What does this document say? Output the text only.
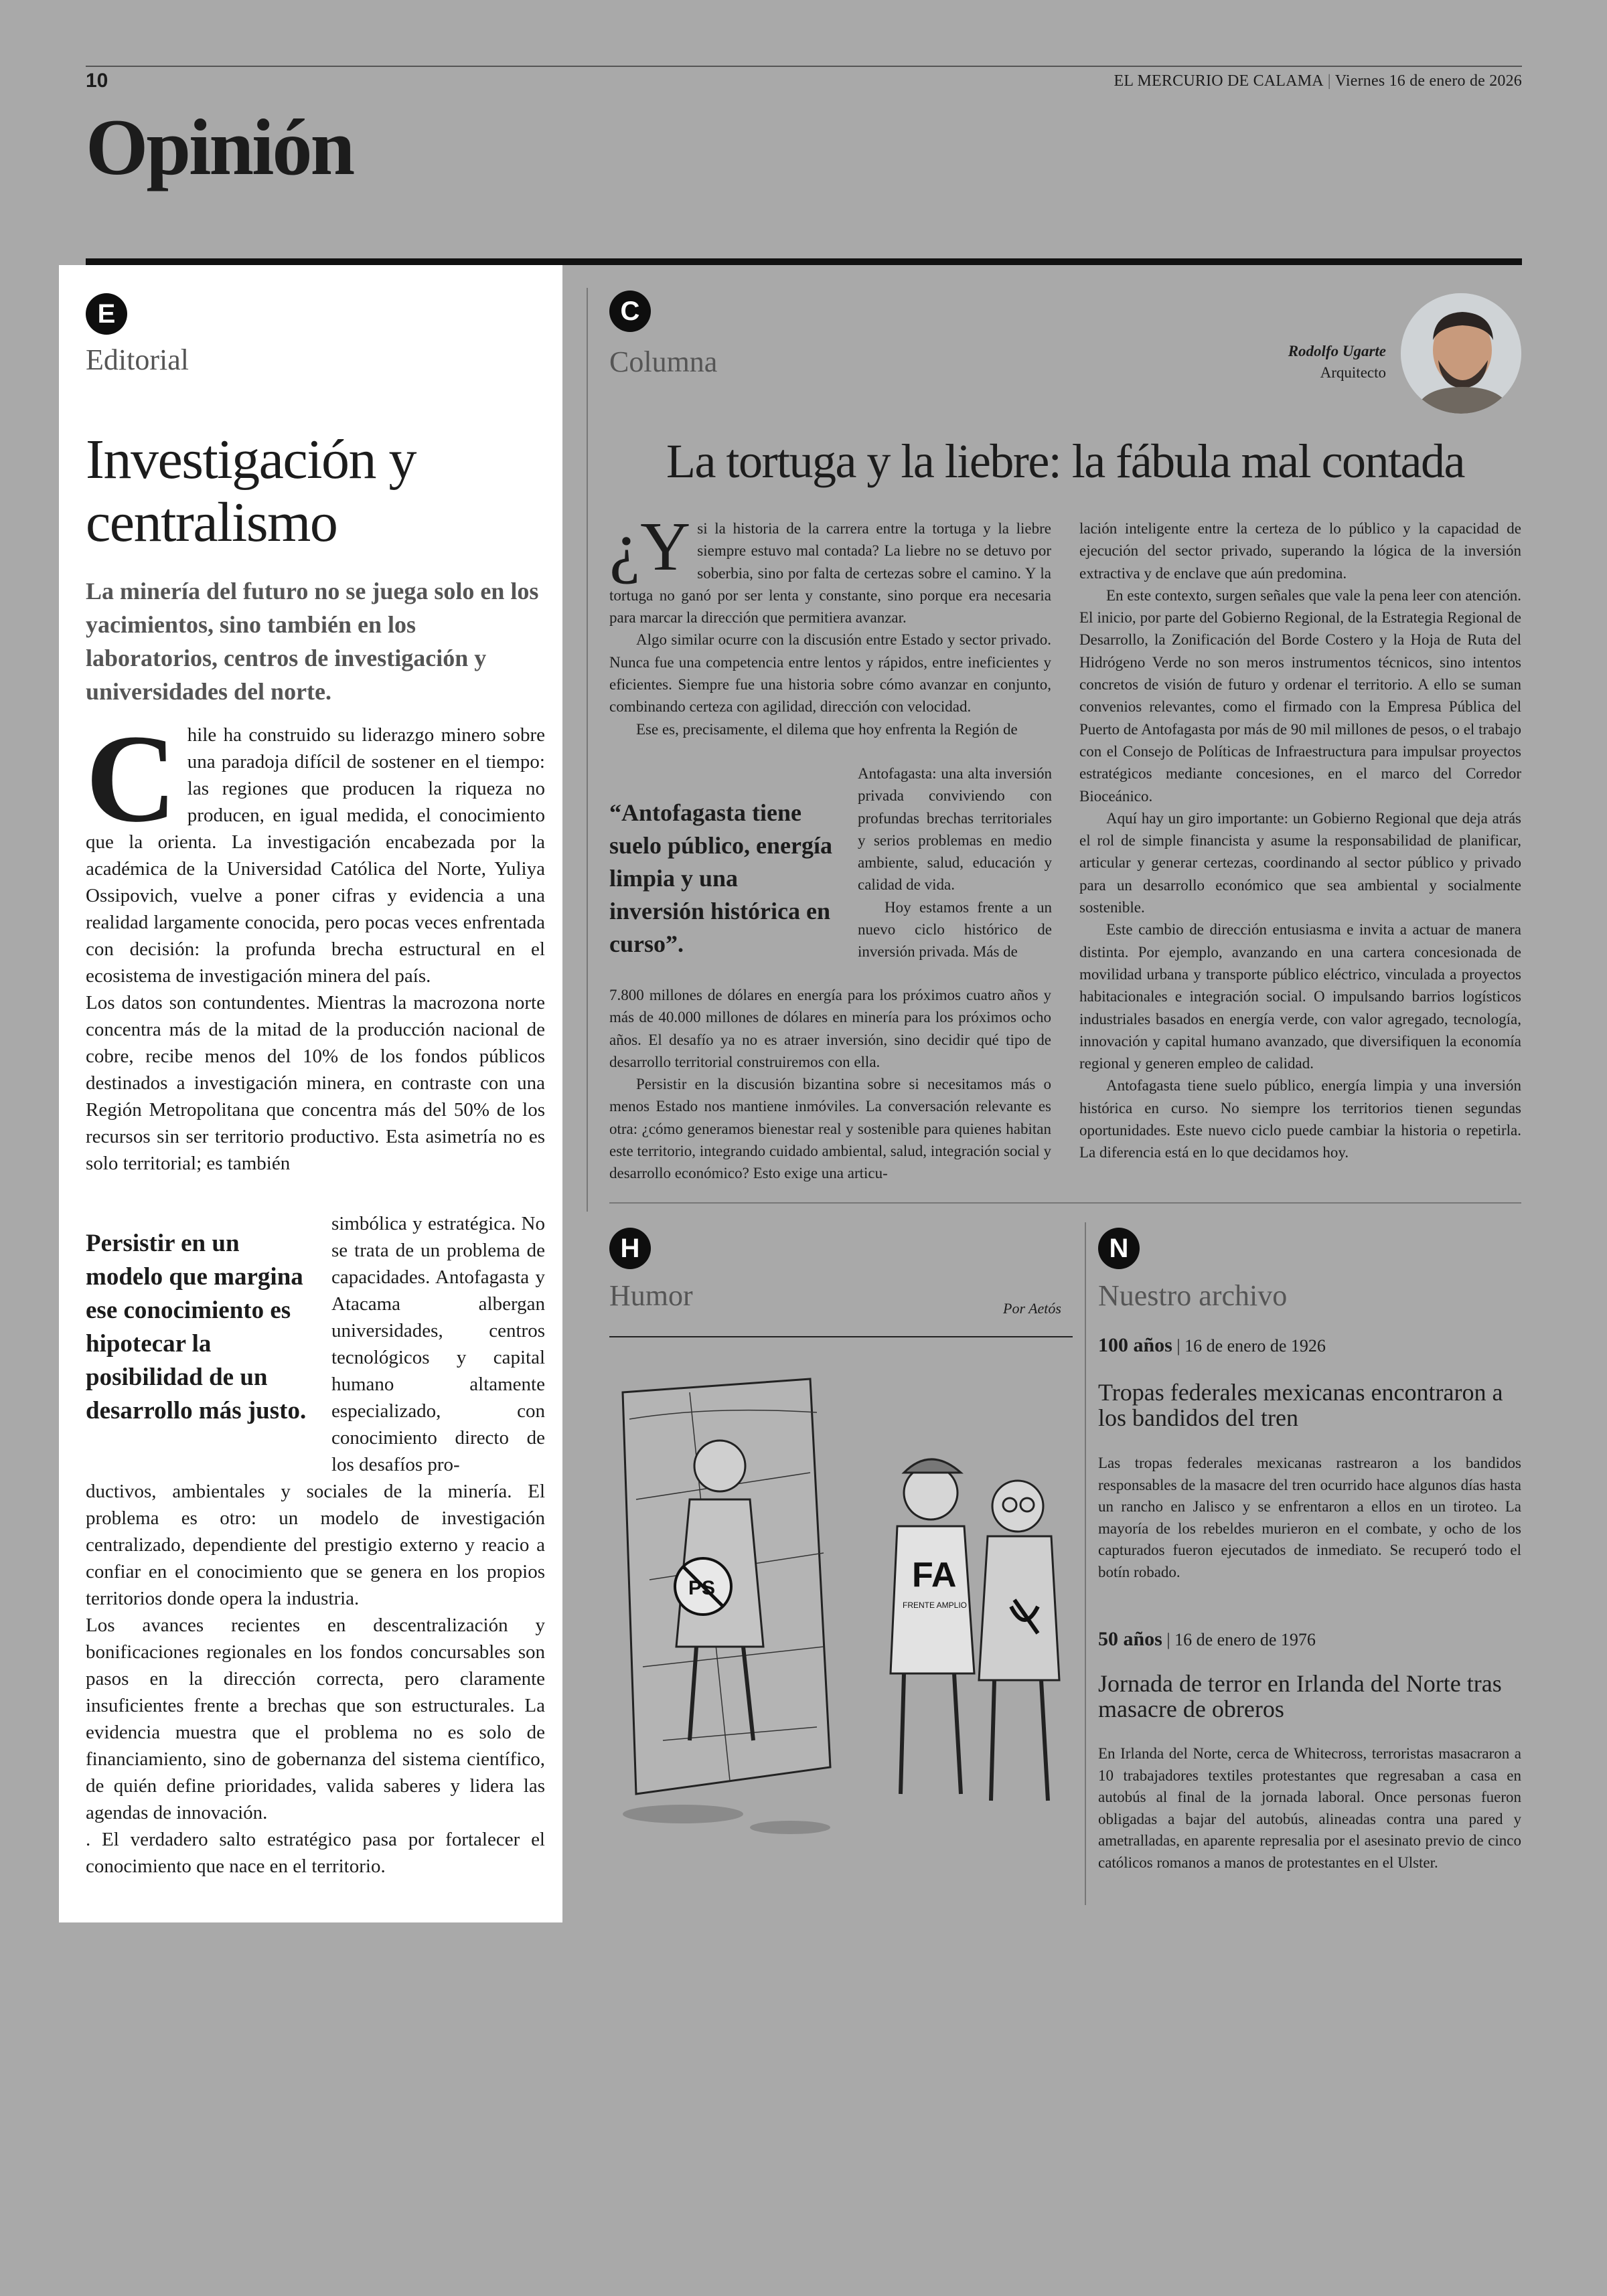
10	EL MERCURIO DE CALAMA | Viernes 16 de enero de 2026
Opinión
E
Editorial
Investigación y centralismo
La minería del futuro no se juega solo en los yacimientos, sino también en los laboratorios, centros de investigación y universidades del norte.

Chile ha construido su liderazgo minero sobre una paradoja difícil de sostener en el tiempo: las regiones que producen la riqueza no producen, en igual medida, el conocimiento que la orienta. La investigación encabezada por la académica de la Universidad Católica del Norte, Yuliya Ossipovich, vuelve a poner cifras y evidencia a una realidad largamente conocida, pero pocas veces enfrentada con decisión: la profunda brecha estructural en el ecosistema de investigación minera del país.

Los datos son contundentes. Mientras la macrozona norte concentra más de la mitad de la producción nacional de cobre, recibe menos del 10% de los fondos públicos destinados a investigación minera, en contraste con una Región Metropolitana que concentra más del 50% de los recursos sin ser territorio productivo. Esta asimetría no es solo territorial; es también

Persistir en un modelo que margina ese conocimiento es hipotecar la posibilidad de un desarrollo más justo.

simbólica y estratégica. No se trata de un problema de capacidades. Antofagasta y Atacama albergan universidades, centros tecnológicos y capital humano altamente especializado, con conocimiento directo de los desafíos pro-

ductivos, ambientales y sociales de la minería. El problema es otro: un modelo de investigación centralizado, dependiente del prestigio externo y reacio a confiar en el conocimiento que se genera en los propios territorios donde opera la industria.

Los avances recientes en descentralización y bonificaciones regionales en los fondos concursables son pasos en la dirección correcta, pero claramente insuficientes frente a brechas que son estructurales. La evidencia muestra que el problema no es solo de financiamiento, sino de gobernanza del sistema científico, de quién define prioridades, valida saberes y liderа las agendas de innovación.

. El verdadero salto estratégico pasa por fortalecer el conocimiento que nace en el territorio.

C
Columna	Rodolfo Ugarte
Arquitecto
La tortuga y la liebre: la fábula mal contada

¿Y si la historia de la carrera entre la tortuga y la liebre siempre estuvo mal contada? La liebre no se detuvo por soberbia, sino por falta de certezas sobre el camino. Y la tortuga no ganó por ser lenta y constante, sino porque era necesaria para marcar la dirección que permitiera avanzar.

Algo similar ocurre con la discusión entre Estado y sector privado. Nunca fue una competencia entre lentos y rápidos, entre ineficientes y eficientes. Siempre fue una historia sobre cómo avanzar en conjunto, combinando certeza con agilidad, dirección con velocidad.

Ese es, precisamente, el dilema que hoy enfrenta la Región de

“Antofagasta tiene suelo público, energía limpia y una inversión histórica en curso”.

Antofagasta: una alta inversión privada conviviendo con profundas brechas territoriales y serios problemas en medio ambiente, salud, educación y calidad de vida.

Hoy estamos frente a un nuevo ciclo histórico de inversión privada. Más de

7.800 millones de dólares en energía para los próximos cuatro años y más de 40.000 millones de dólares en minería para los próximos ocho años. El desafío ya no es atraer inversión, sino decidir qué tipo de desarrollo territorial construiremos con ella.

Persistir en la discusión bizantina sobre si necesitamos más o menos Estado nos mantiene inmóviles. La conversación relevante es otra: ¿cómo generamos bienestar real y sostenible para quienes habitan este territorio, integrando cuidado ambiental, salud, integración social y desarrollo económico? Esto exige una articu-

lación inteligente entre la certeza de lo público y la capacidad de ejecución del sector privado, superando la lógica de la inversión extractiva y de enclave que aún predomina.

En este contexto, surgen señales que vale la pena leer con atención. El inicio, por parte del Gobierno Regional, de la Estrategia Regional de Desarrollo, la Zonificación del Borde Costero y la Hoja de Ruta del Hidrógeno Verde no son meros instrumentos técnicos, sino intentos concretos de visión de futuro y ordenar el territorio. A ello se suman convenios relevantes, como el firmado con la Empresa Pública del Puerto de Antofagasta por más de 90 mil millones de pesos, o el trabajo con el Consejo de Políticas de Infraestructura para impulsar proyectos estratégicos mediante concesiones, en el marco del Corredor Bioceánico.

Aquí hay un giro importante: un Gobierno Regional que deja atrás el rol de simple financista y asume la responsabilidad de planificar, articular y generar certezas, coordinando al sector público y privado para un desarrollo económico que sea ambiental y socialmente sostenible.

Este cambio de dirección entusiasma e invita a actuar de manera distinta. Por ejemplo, avanzando en una cartera concesionada de movilidad urbana y transporte público eléctrico, vinculada a proyectos habitacionales e integración social. O impulsando barrios logísticos industriales basados en energía verde, con valor agregado, tecnología, innovación y capital humano avanzado, que diversifiquen la economía regional y generen empleo de calidad.

Antofagasta tiene suelo público, energía limpia y una inversión histórica en curso. No siempre los territorios tienen segundas oportunidades. Este nuevo ciclo puede cambiar la historia o repetirla. La diferencia está en lo que decidamos hoy.

H
Humor	Por Aetós
PS	FA
FRENTE AMPLIO
N
Nuestro archivo
100 años | 16 de enero de 1926
Tropas federales mexicanas encontraron a los bandidos del tren
Las tropas federales mexicanas rastrearon a los bandidos responsables de la masacre del tren ocurrido hace algunos días hasta un rancho en Jalisco y se enfrentaron a ellos en un tiroteo. La mayoría de los rebeldes murieron en el combate, y ocho de los capturados fueron ejecutados de inmediato. Se recuperó todo el botín robado.
50 años | 16 de enero de 1976
Jornada de terror en Irlanda del Norte tras masacre de obreros
En Irlanda del Norte, cerca de Whitecross, terroristas masacraron a 10 trabajadores textiles protestantes que regresaban a casa en autobús al final de la jornada laboral. Once personas fueron obligadas a bajar del autobús, alineadas contra una pared y ametralladas, en aparente represalia por el asesinato previo de cinco católicos romanos a manos de protestantes en el Ulster.
